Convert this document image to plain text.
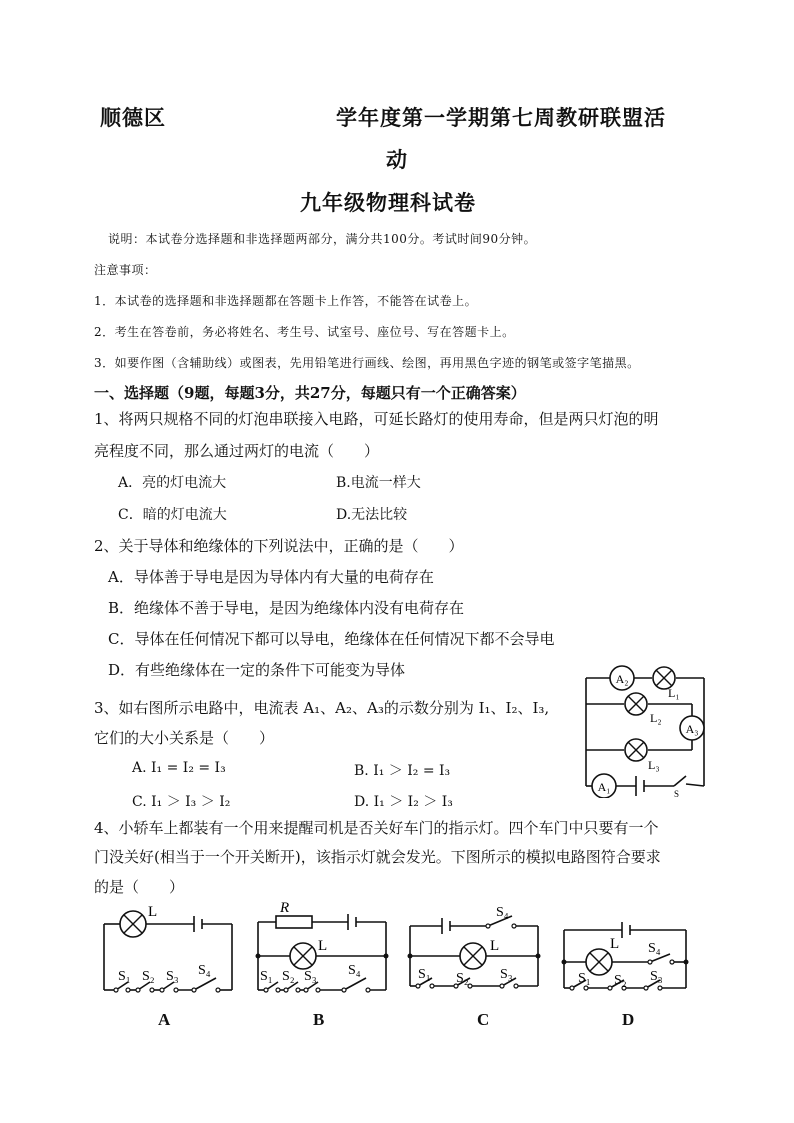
顺德区	学年度第一学期第七周教研联盟活
动
九年级物理科试卷
说明：本试卷分选择题和非选择题两部分，满分共100分。考试时间90分钟。
注意事项：
1．本试卷的选择题和非选择题都在答题卡上作答，不能答在试卷上。
2．考生在答卷前，务必将姓名、考生号、试室号、座位号、写在答题卡上。
3．如要作图（含辅助线）或图表，先用铅笔进行画线、绘图，再用黑色字迹的钢笔或签字笔描黑。
一、选择题（9题，每题3分，共27分，每题只有一个正确答案）
1、将两只规格不同的灯泡串联接入电路，可延长路灯的使用寿命，但是两只灯泡的明
亮程度不同，那么通过两灯的电流（　　）
A．亮的灯电流大	B.电流一样大
C．暗的灯电流大	D.无法比较
2、关于导体和绝缘体的下列说法中，正确的是（　　）
A．导体善于导电是因为导体内有大量的电荷存在
B．绝缘体不善于导电，是因为绝缘体内没有电荷存在
C．导体在任何情况下都可以导电，绝缘体在任何情况下都不会导电
D．有些绝缘体在一定的条件下可能变为导体
3、如右图所示电路中，电流表 A₁、A₂、A₃的示数分别为 I₁、I₂、I₃,
它们的大小关系是（　　）
A. I₁ = I₂ = I₃	B. I₁ ＞ I₂ = I₃
C. I₁ ＞ I₃ ＞ I₂	D. I₁ ＞ I₂ ＞ I₃
A₂
L₁
L₂
A₃
L₃
A₁	S
4、小轿车上都装有一个用来提醒司机是否关好车门的指示灯。四个车门中只要有一个
门没关好(相当于一个开关断开)，该指示灯就会发光。下图所示的模拟电路图符合要求
的是（　　）
L
S₁ S₂ S₃ S₄
R
L
S₁ S₂ S₃ S₄
S₄
L
S₁ S₂ S₃
L S₄
S₁ S₂ S₃
A	B	C	D
